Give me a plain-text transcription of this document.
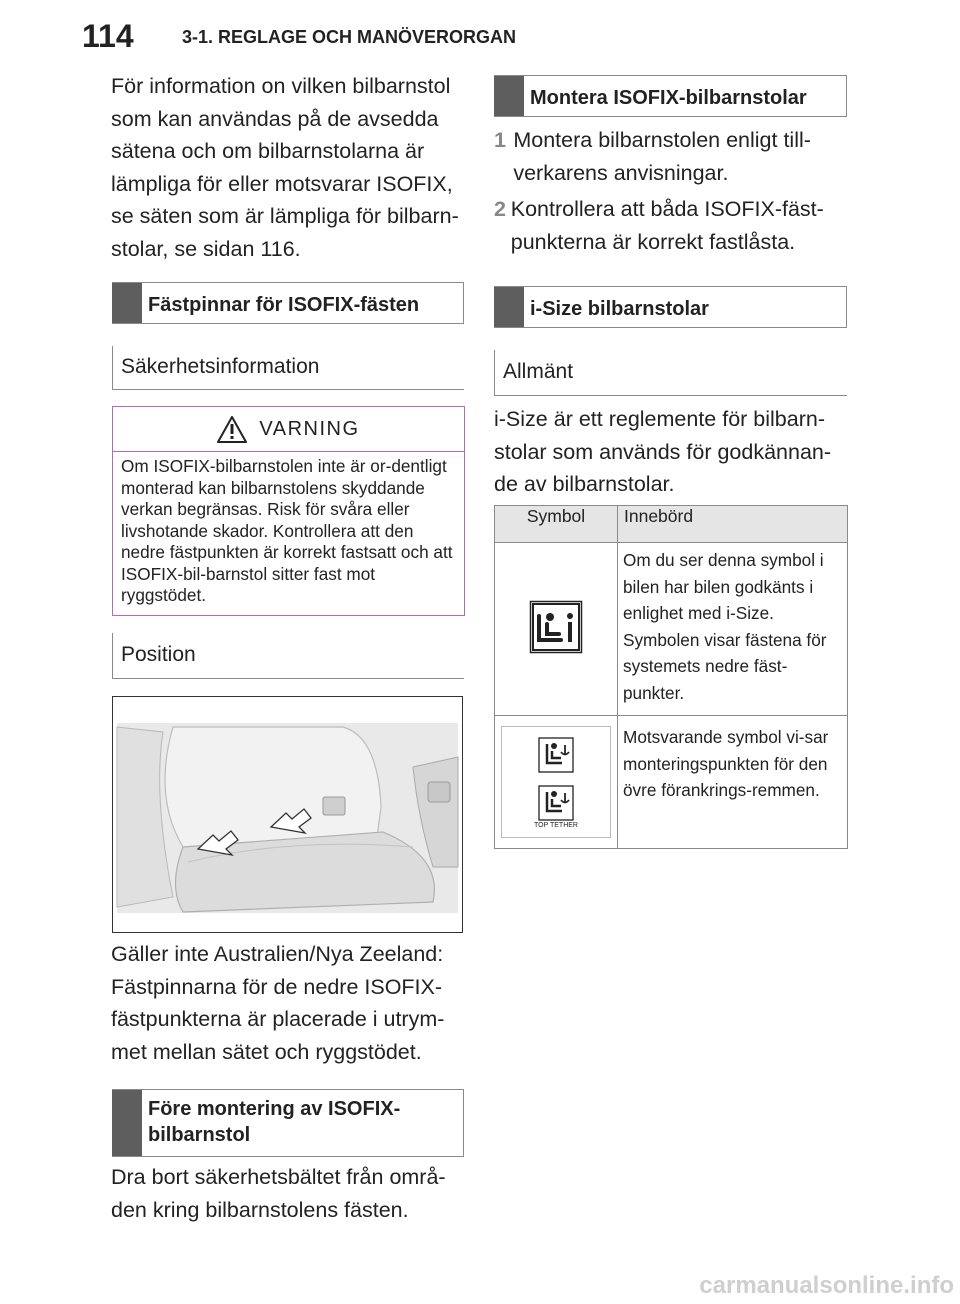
114	3-1. REGLAGE OCH MANÖVERORGAN

För information on vilken bilbarnstol som kan användas på de avsedda sätena och om bilbarnstolarna är lämpliga för eller motsvarar ISOFIX, se säten som är lämpliga för bilbarn-stolar, se sidan 116.

Fästpinnar för ISOFIX-fästen
Säkerhetsinformation
VARNING

Om ISOFIX-bilbarnstolen inte är or-dentligt monterad kan bilbarnstolens skyddande verkan begränsas. Risk för svåra eller livshotande skador. Kontrollera att den nedre fästpunkten är korrekt fastsatt och att ISOFIX-bil-barnstol sitter fast mot ryggstödet.

Position

Gäller inte Australien/Nya Zeeland: Fästpinnarna för de nedre ISOFIX-fästpunkterna är placerade i utrym-met mellan sätet och ryggstödet.

Före montering av ISOFIX-bilbarnstol

Dra bort säkerhetsbältet från områ-den kring bilbarnstolens fästen.

Montera ISOFIX-bilbarnstolar
1 Montera bilbarnstolen enligt till-verkarens anvisningar.
2 Kontrollera att båda ISOFIX-fäst-punkterna är korrekt fastlåsta.
i-Size bilbarnstolar
Allmänt

i-Size är ett reglemente för bilbarn-stolar som används för godkännan-de av bilbarnstolar.

Symbol	Innebörd
	Om du ser denna symbol i bilen har bilen godkänts i enlighet med i-Size. Symbolen visar fästena för systemets nedre fäst-punkter.

TOP TETHER	Motsvarande symbol vi-sar monteringspunkten för den övre förankrings-remmen.
carmanualsonline.info
